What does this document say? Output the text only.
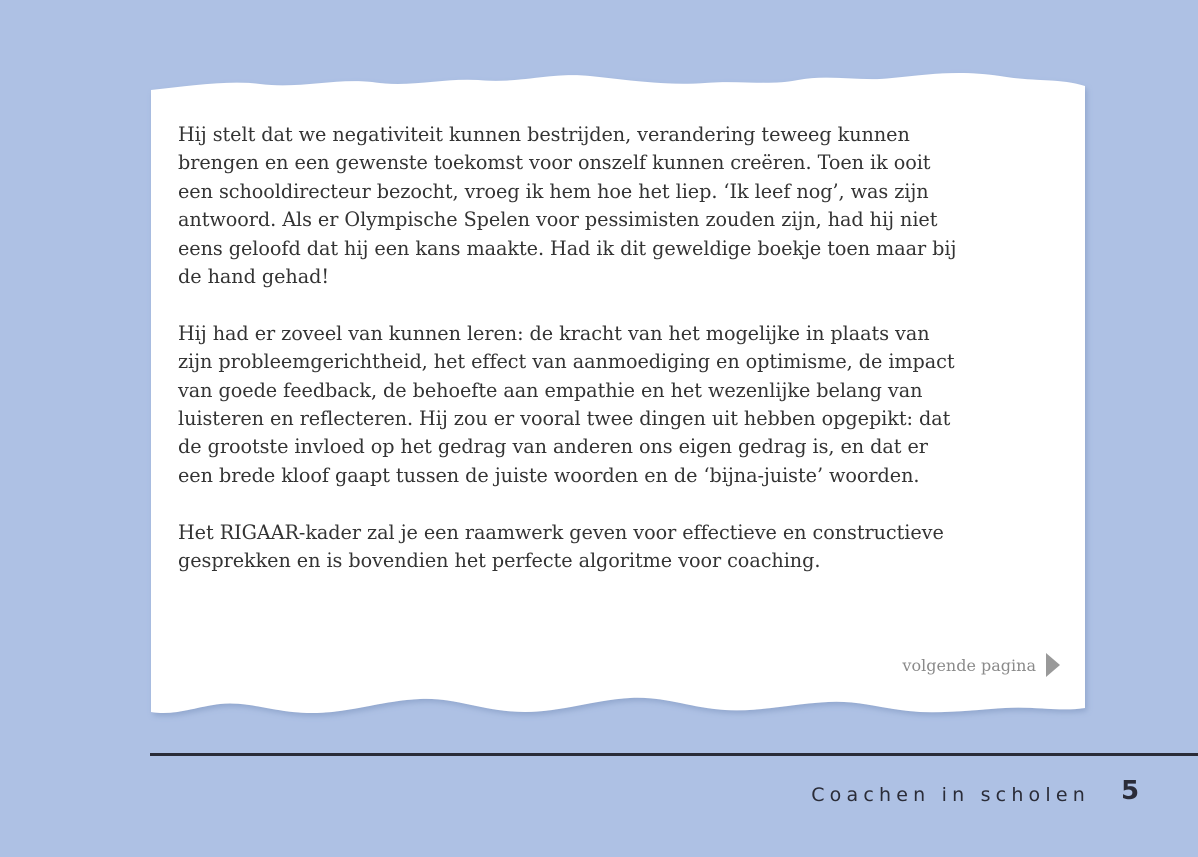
Hij stelt dat we negativiteit kunnen bestrijden, verandering teweeg kunnen
brengen en een gewenste toekomst voor onszelf kunnen creëren. Toen ik ooit
een schooldirecteur bezocht, vroeg ik hem hoe het liep. ‘Ik leef nog’, was zijn
antwoord. Als er Olympische Spelen voor pessimisten zouden zijn, had hij niet
eens geloofd dat hij een kans maakte. Had ik dit geweldige boekje toen maar bij
de hand gehad!

Hij had er zoveel van kunnen leren: de kracht van het mogelijke in plaats van
zijn probleemgerichtheid, het effect van aanmoediging en optimisme, de impact
van goede feedback, de behoefte aan empathie en het wezenlijke belang van
luisteren en reflecteren. Hij zou er vooral twee dingen uit hebben opgepikt: dat
de grootste invloed op het gedrag van anderen ons eigen gedrag is, en dat er
een brede kloof gaapt tussen de juiste woorden en de ‘bijna-juiste’ woorden.

Het RIGAAR-kader zal je een raamwerk geven voor effectieve en constructieve
gesprekken en is bovendien het perfecte algoritme voor coaching.

volgende pagina
Coachen in scholen	5
